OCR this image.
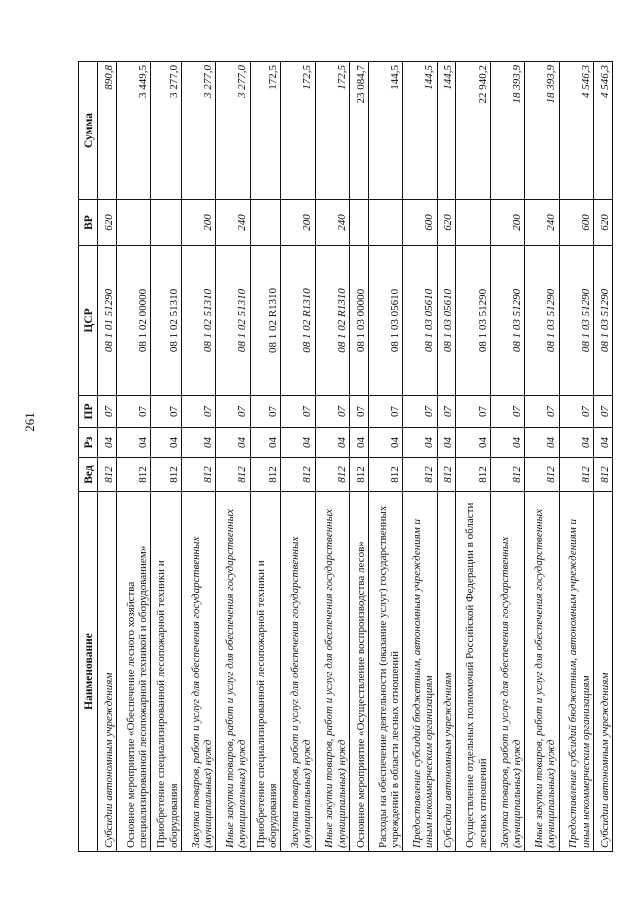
261
Наименование	Вед	Рз	ПР	ЦСР	ВР	Сумма
Субсидии автономным учреждениям	812	04	07	08 1 01 51290	620	890,8
Основное мероприятие «Обеспечение лесного хозяйства специализированной лесопожарной техникой и оборудованием»	812	04	07	08 1 02 00000		3 449,5
Приобретение специализированной лесопожарной техники и оборудования	812	04	07	08 1 02 51310		3 277,0
Закупка товаров, работ и услуг для обеспечения государственных (муниципальных) нужд	812	04	07	08 1 02 51310	200	3 277,0
Иные закупки товаров, работ и услуг для обеспечения государственных (муниципальных) нужд	812	04	07	08 1 02 51310	240	3 277,0
Приобретение специализированной лесопожарной техники и оборудования	812	04	07	08 1 02 R1310		172,5
Закупка товаров, работ и услуг для обеспечения государственных (муниципальных) нужд	812	04	07	08 1 02 R1310	200	172,5
Иные закупки товаров, работ и услуг для обеспечения государственных (муниципальных) нужд	812	04	07	08 1 02 R1310	240	172,5
Основное мероприятие «Осуществление воспроизводства лесов»	812	04	07	08 1 03 00000		23 084,7
Расходы на обеспечение деятельности (оказание услуг) государственных учреждений в области лесных отношений	812	04	07	08 1 03 05610		144,5
Предоставление субсидий бюджетным, автономным учреждениям и иным некоммерческим организациям	812	04	07	08 1 03 05610	600	144,5
Субсидии автономным учреждениям	812	04	07	08 1 03 05610	620	144,5
Осуществление отдельных полномочий Российской Федерации в области лесных отношений	812	04	07	08 1 03 51290		22 940,2
Закупка товаров, работ и услуг для обеспечения государственных (муниципальных) нужд	812	04	07	08 1 03 51290	200	18 393,9
Иные закупки товаров, работ и услуг для обеспечения государственных (муниципальных) нужд	812	04	07	08 1 03 51290	240	18 393,9
Предоставление субсидий бюджетным, автономным учреждениям и иным некоммерческим организациям	812	04	07	08 1 03 51290	600	4 546,3
Субсидии автономным учреждениям	812	04	07	08 1 03 51290	620	4 546,3
